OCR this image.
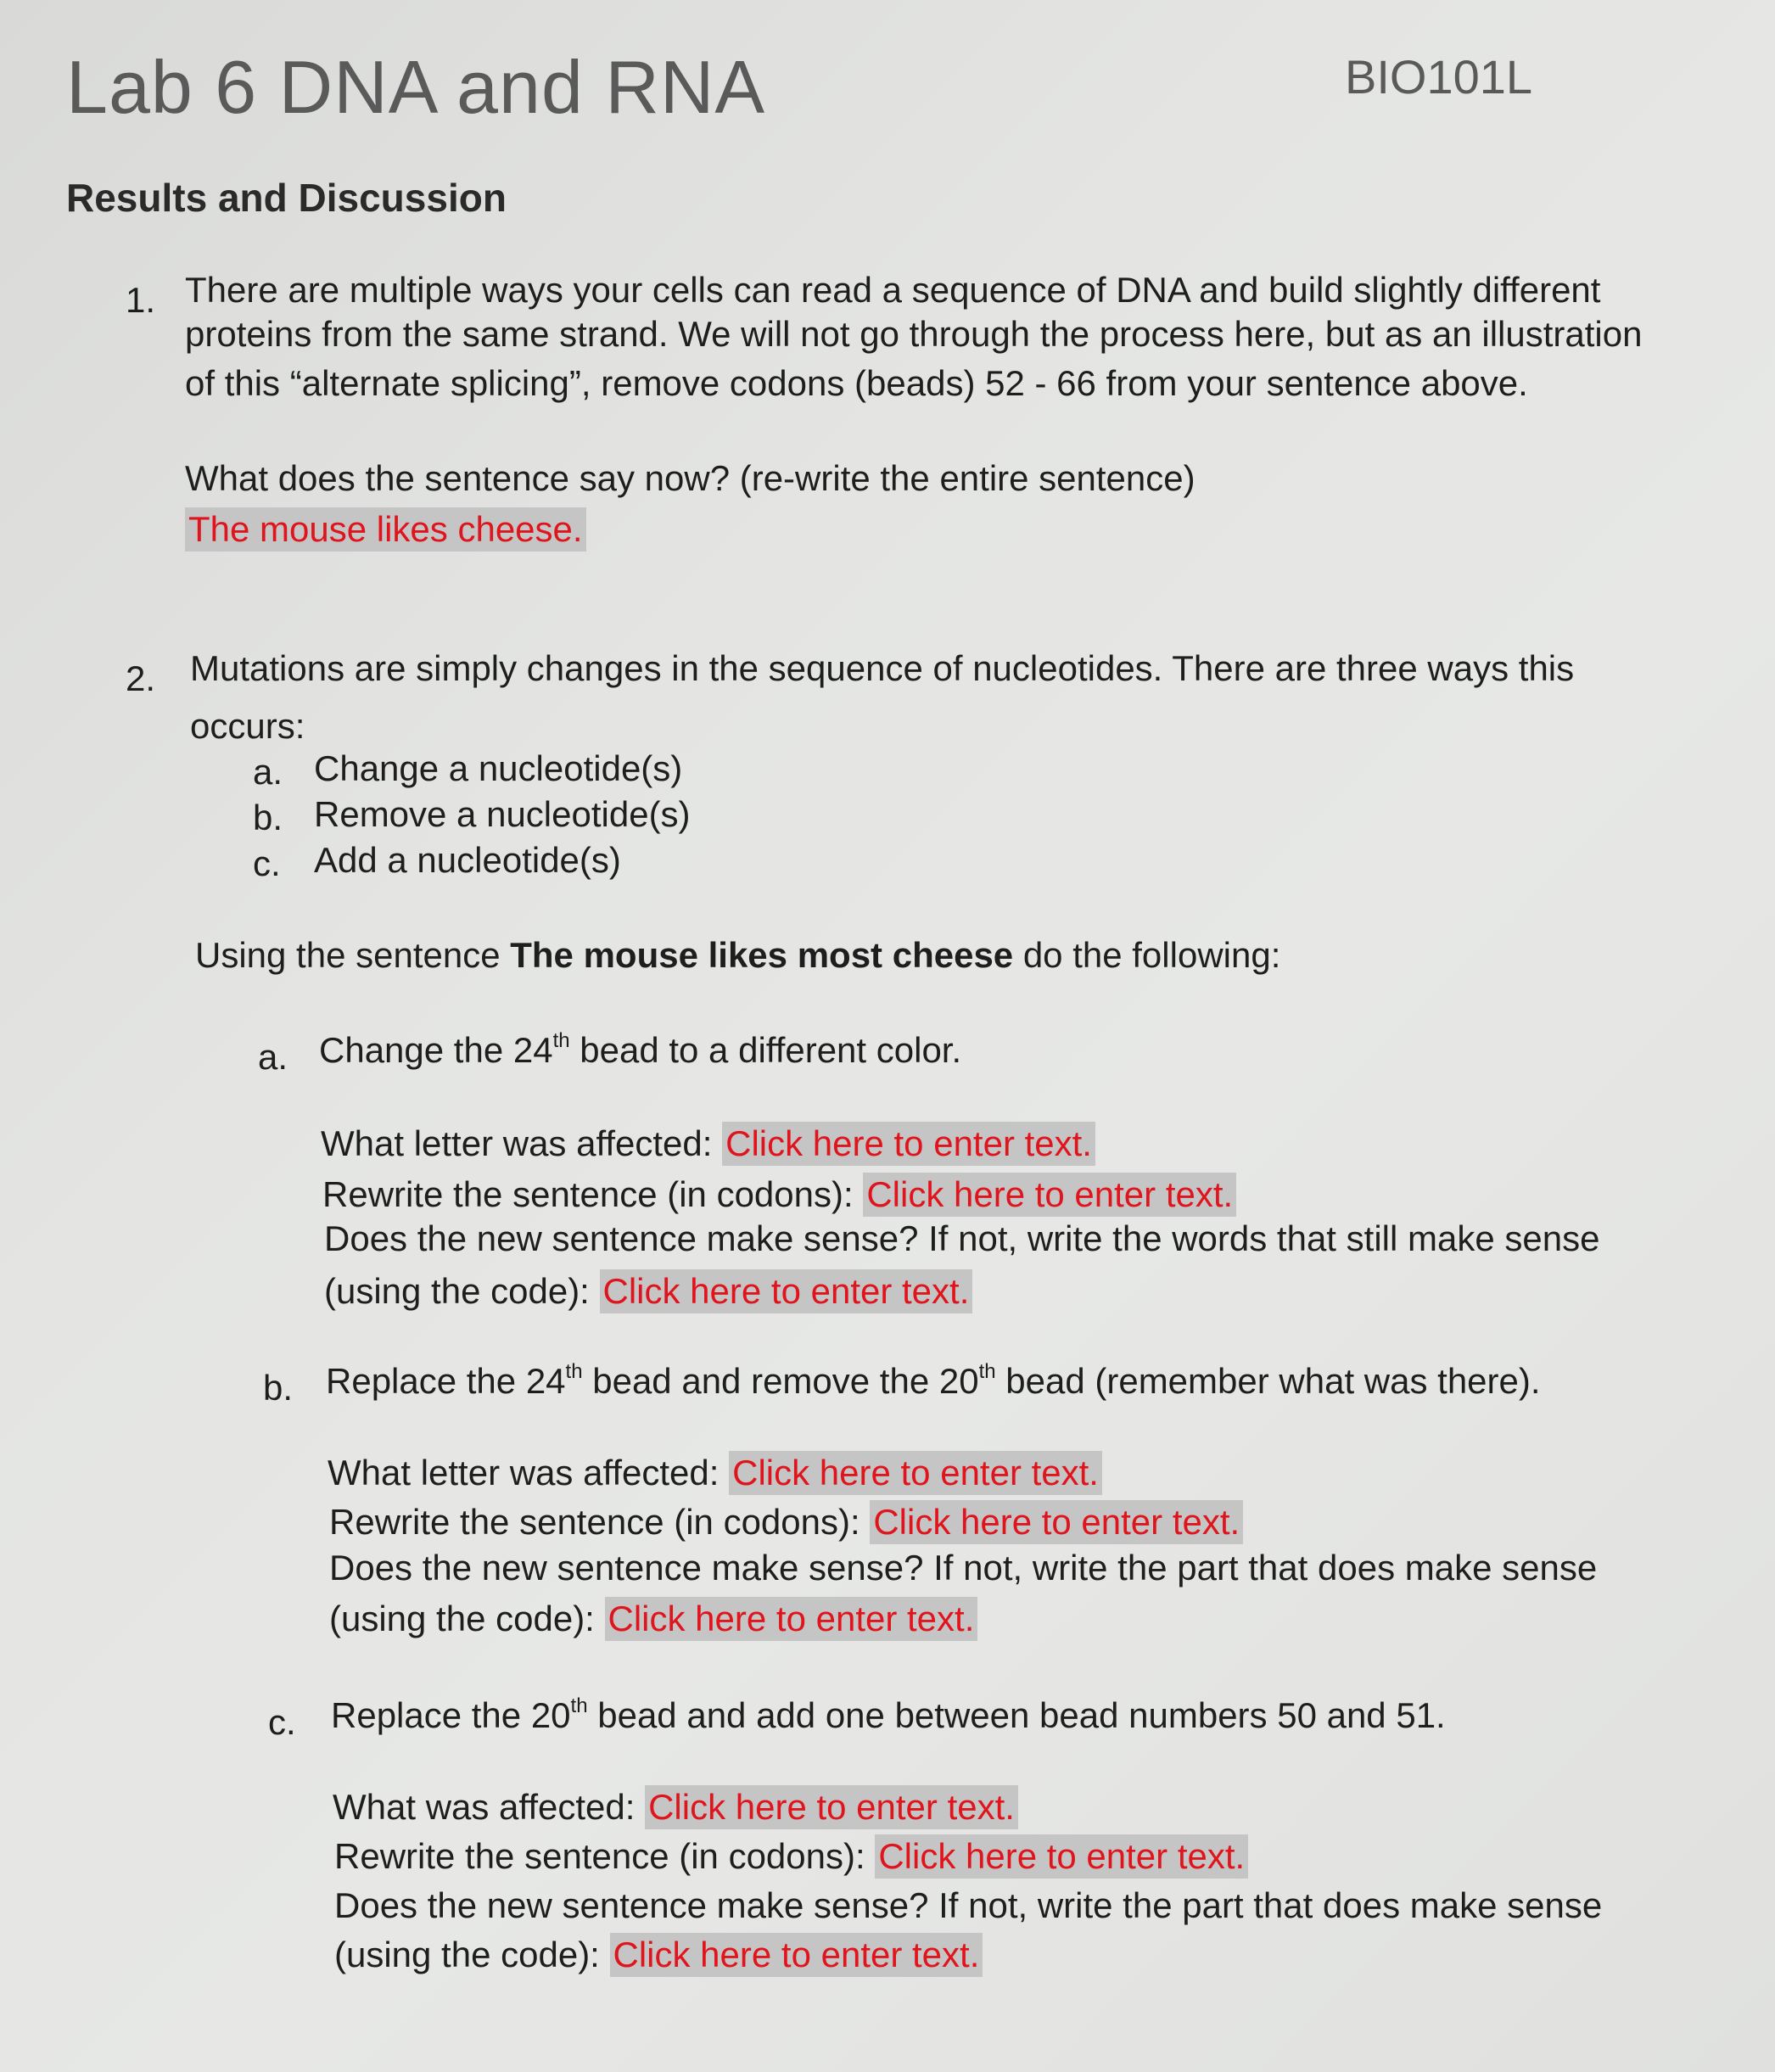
Lab 6 DNA and RNA	BIO101L
Results and Discussion
1. There are multiple ways your cells can read a sequence of DNA and build slightly different
proteins from the same strand. We will not go through the process here, but as an illustration
of this “alternate splicing”, remove codons (beads) 52 - 66 from your sentence above.
What does the sentence say now? (re-write the entire sentence)
The mouse likes cheese.
2. Mutations are simply changes in the sequence of nucleotides. There are three ways this
occurs:
a. Change a nucleotide(s)
b. Remove a nucleotide(s)
c. Add a nucleotide(s)
Using the sentence The mouse likes most cheese do the following:
a. Change the 24th bead to a different color.
What letter was affected: Click here to enter text.
Rewrite the sentence (in codons): Click here to enter text.
Does the new sentence make sense? If not, write the words that still make sense
(using the code): Click here to enter text.
b. Replace the 24th bead and remove the 20th bead (remember what was there).
What letter was affected: Click here to enter text.
Rewrite the sentence (in codons): Click here to enter text.
Does the new sentence make sense? If not, write the part that does make sense
(using the code): Click here to enter text.
c. Replace the 20th bead and add one between bead numbers 50 and 51.
What was affected: Click here to enter text.
Rewrite the sentence (in codons): Click here to enter text.
Does the new sentence make sense? If not, write the part that does make sense
(using the code): Click here to enter text.
